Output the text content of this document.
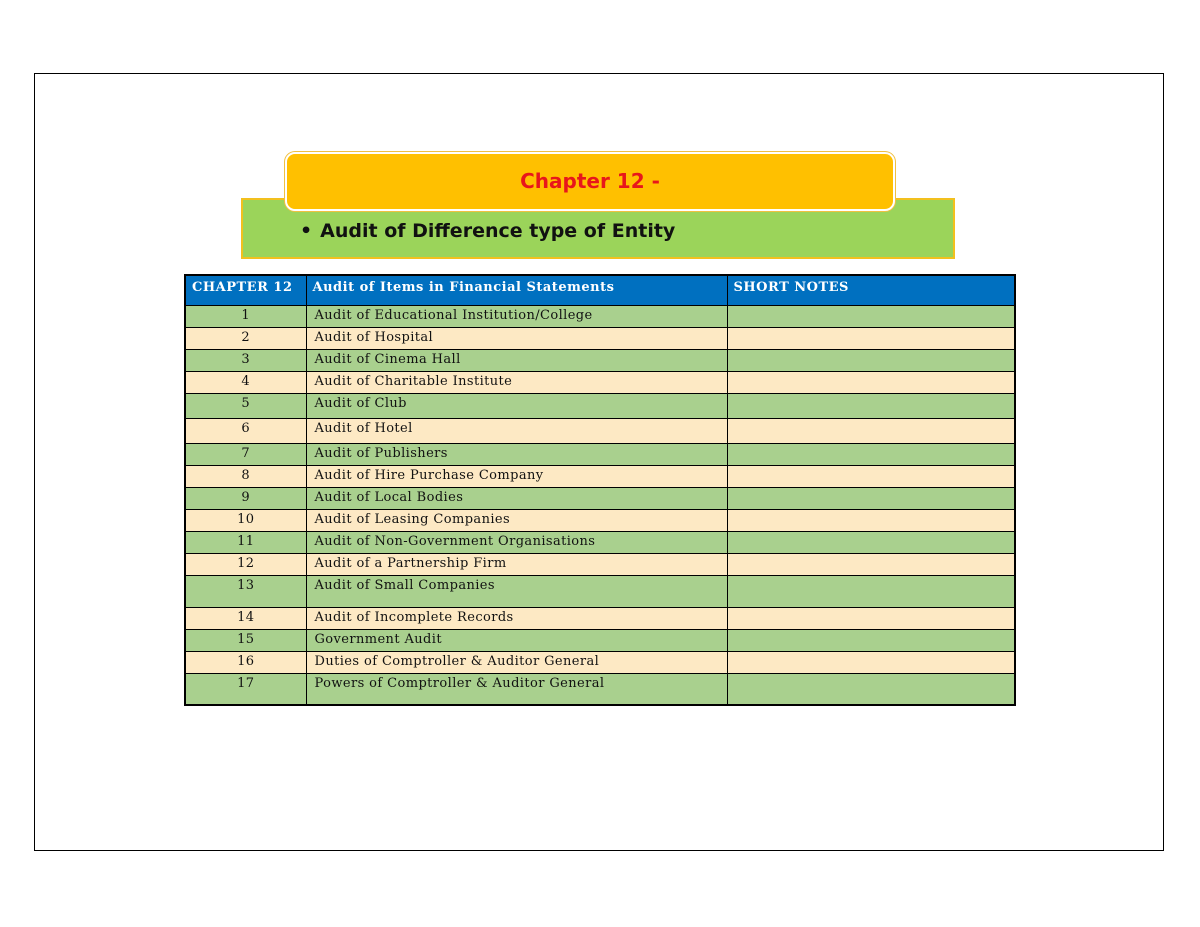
• Audit of Difference type of Entity
Chapter 12 -
CHAPTER 12	Audit of Items in Financial Statements	SHORT NOTES
1	Audit of Educational Institution/College	
2	Audit of Hospital	
3	Audit of Cinema Hall	
4	Audit of Charitable Institute	
5	Audit of Club	
6	Audit of Hotel	
7	Audit of Publishers	
8	Audit of Hire Purchase Company	
9	Audit of Local Bodies	
10	Audit of Leasing Companies	
11	Audit of Non-Government Organisations	
12	Audit of a Partnership Firm	
13	Audit of Small Companies	
14	Audit of Incomplete Records	
15	Government Audit	
16	Duties of Comptroller & Auditor General	
17	Powers of Comptroller & Auditor General	
